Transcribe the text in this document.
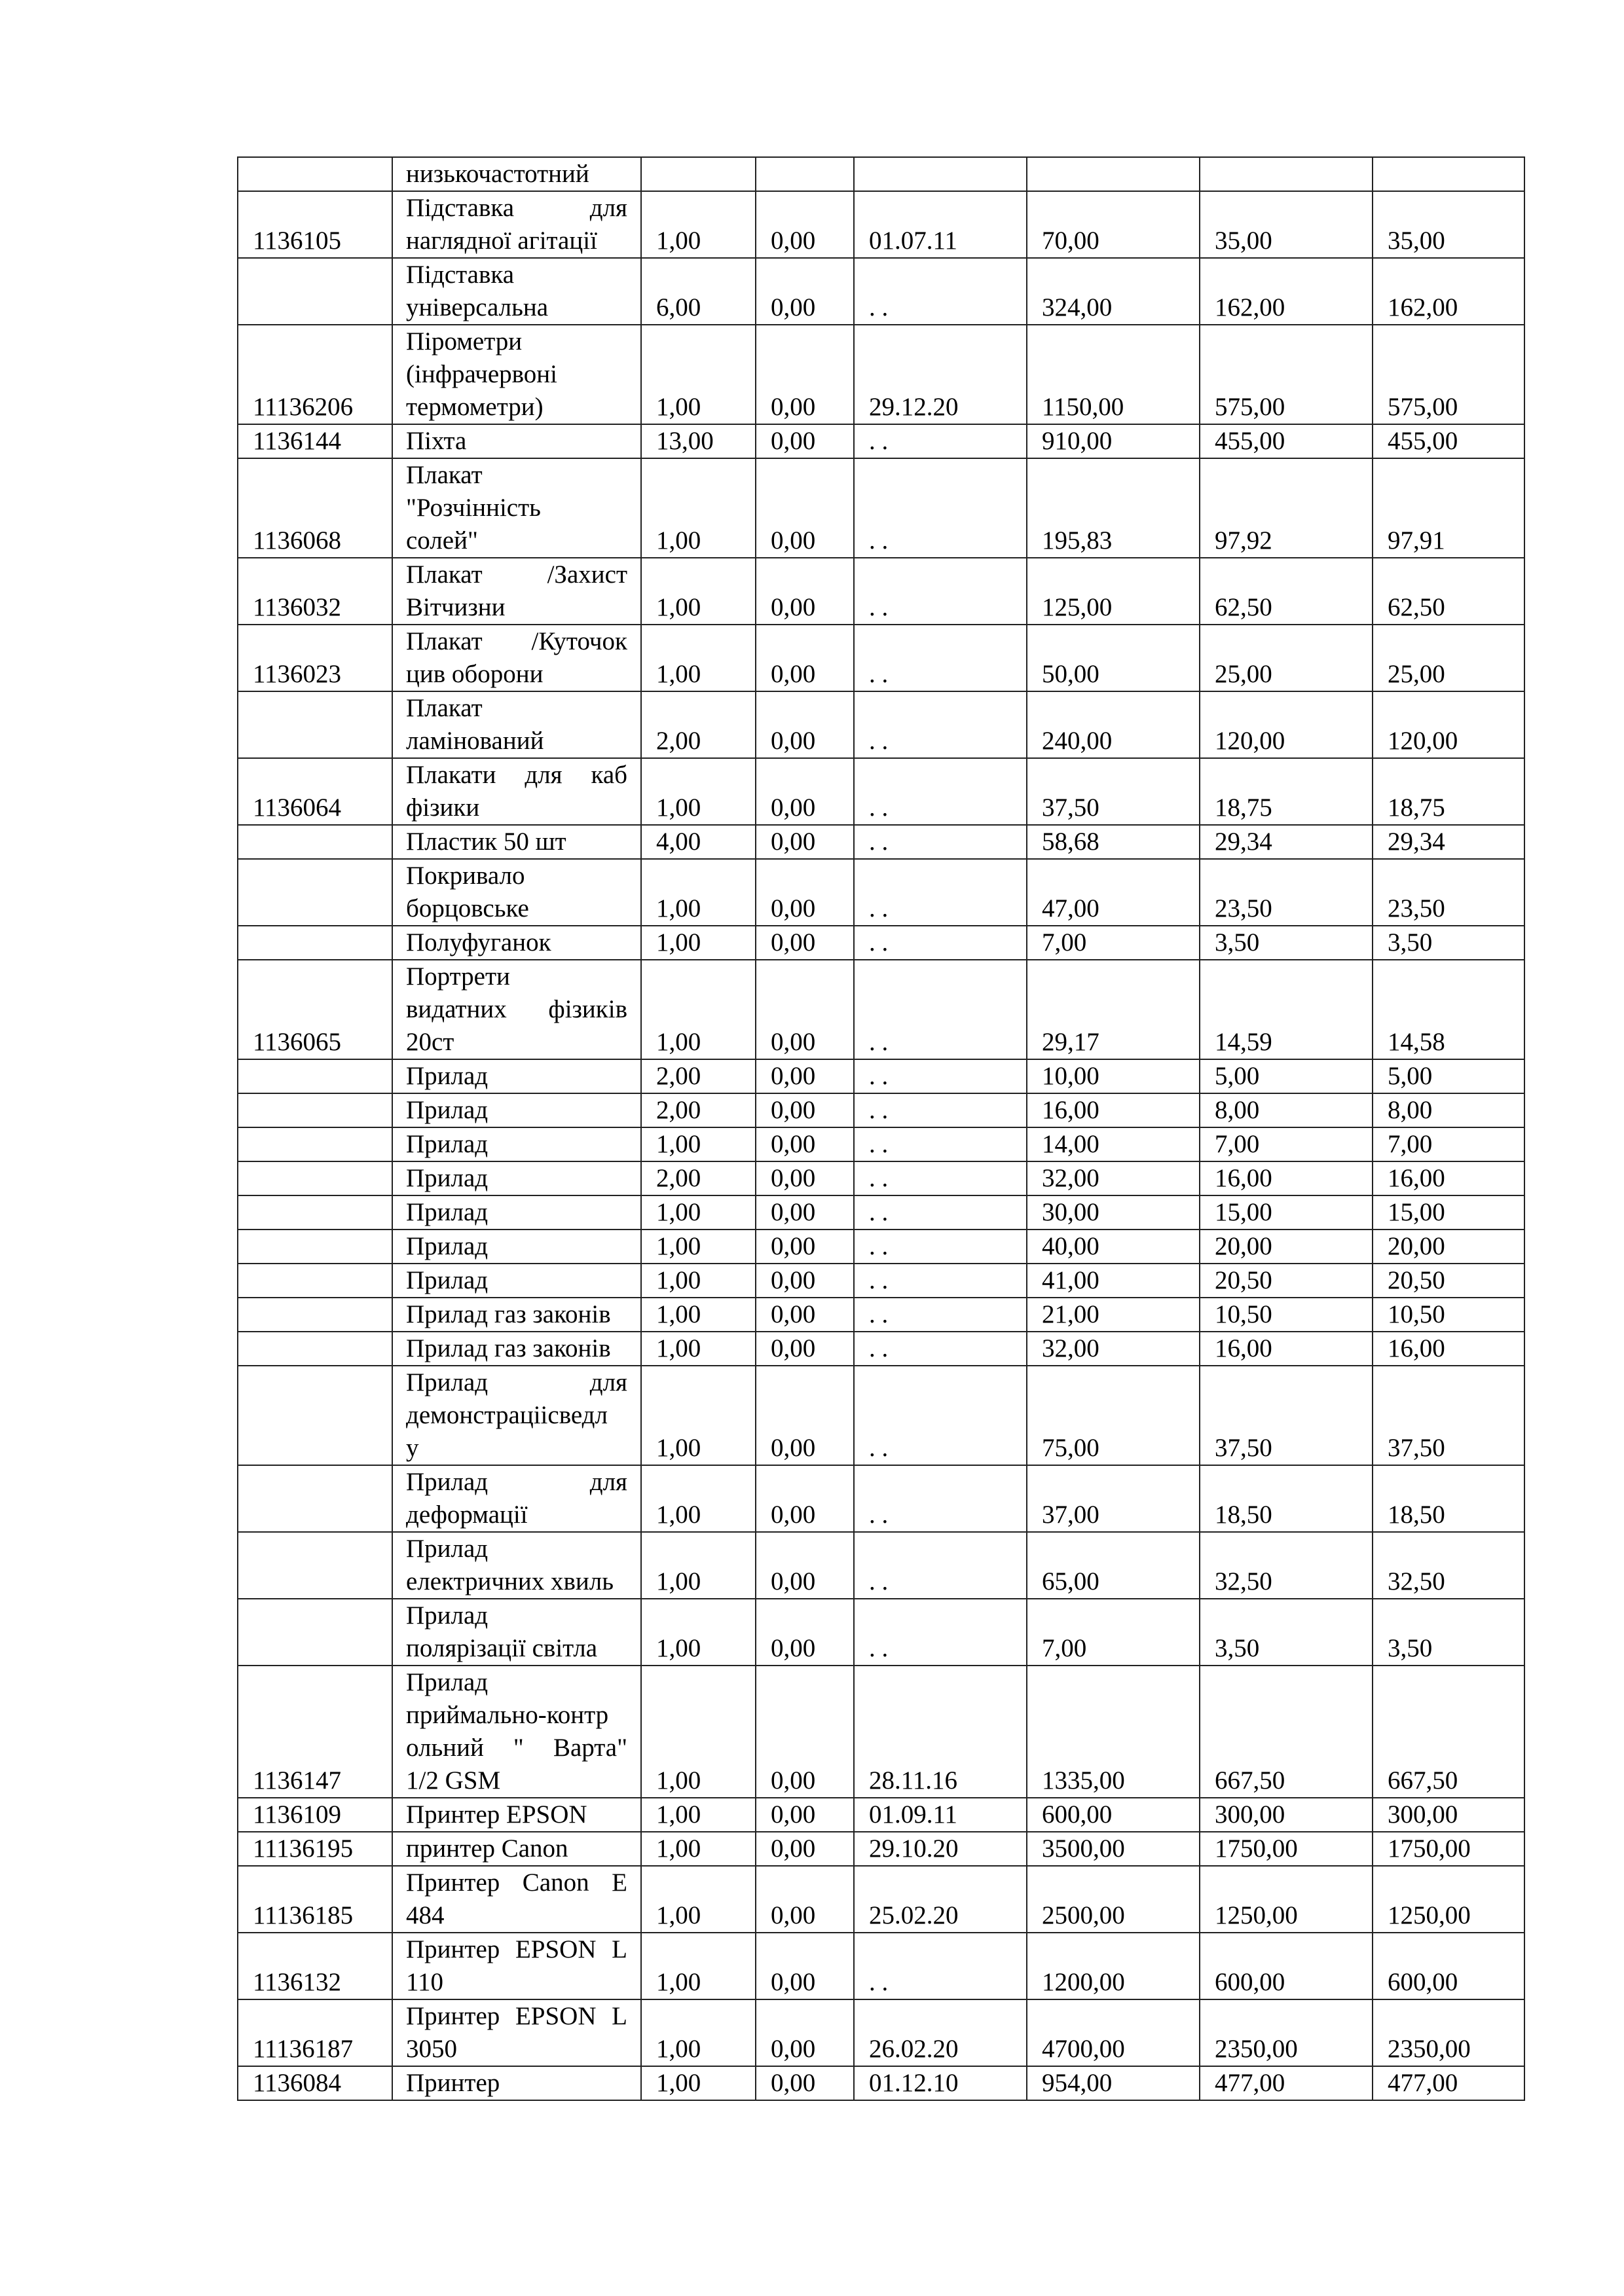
	низькочастотний						

1136105	Підставка для
наглядної агітації	1,00	0,00	01.07.11	70,00	35,00	35,00

	Підставка
універсальна	6,00	0,00	. .	324,00	162,00	162,00
11136206	Пірометри
(інфрачервоні
термометри)	1,00	0,00	29.12.20	1150,00	575,00	575,00
1136144	Піхта	13,00	0,00	. .	910,00	455,00	455,00
1136068	Плакат
"Розчінність
солей"	1,00	0,00	. .	195,83	97,92	97,91
1136032	Плакат /Захист
Вітчизни	1,00	0,00	. .	125,00	62,50	62,50
1136023	Плакат /Куточок
цив оборони	1,00	0,00	. .	50,00	25,00	25,00

	Плакат
ламінований	2,00	0,00	. .	240,00	120,00	120,00
1136064	Плакати для каб
фізики	1,00	0,00	. .	37,50	18,75	18,75

	Пластик 50 шт	4,00	0,00	. .	58,68	29,34	29,34

	Покривало
борцовське	1,00	0,00	. .	47,00	23,50	23,50

	Полуфуганок	1,00	0,00	. .	7,00	3,50	3,50
1136065	Портрети
видатних фізиків
20ст	1,00	0,00	. .	29,17	14,59	14,58

	Прилад	2,00	0,00	. .	10,00	5,00	5,00

	Прилад	2,00	0,00	. .	16,00	8,00	8,00

	Прилад	1,00	0,00	. .	14,00	7,00	7,00

	Прилад	2,00	0,00	. .	32,00	16,00	16,00

	Прилад	1,00	0,00	. .	30,00	15,00	15,00

	Прилад	1,00	0,00	. .	40,00	20,00	20,00

	Прилад	1,00	0,00	. .	41,00	20,50	20,50

	Прилад газ законів	1,00	0,00	. .	21,00	10,50	10,50

	Прилад газ законів	1,00	0,00	. .	32,00	16,00	16,00

	Прилад для
демонстраціісведл
у	1,00	0,00	. .	75,00	37,50	37,50

	Прилад для
деформації	1,00	0,00	. .	37,00	18,50	18,50

	Прилад
електричних хвиль	1,00	0,00	. .	65,00	32,50	32,50

	Прилад
полярізації світла	1,00	0,00	. .	7,00	3,50	3,50
1136147	Прилад
приймально-контр
ольний " Варта"
1/2 GSM	1,00	0,00	28.11.16	1335,00	667,50	667,50
1136109	Принтер EPSON	1,00	0,00	01.09.11	600,00	300,00	300,00
11136195	принтер Canon	1,00	0,00	29.10.20	3500,00	1750,00	1750,00
11136185	Принтер Canon E
484	1,00	0,00	25.02.20	2500,00	1250,00	1250,00
1136132	Принтер EPSON L
110	1,00	0,00	. .	1200,00	600,00	600,00
11136187	Принтер EPSON L
3050	1,00	0,00	26.02.20	4700,00	2350,00	2350,00
1136084	Принтер	1,00	0,00	01.12.10	954,00	477,00	477,00
